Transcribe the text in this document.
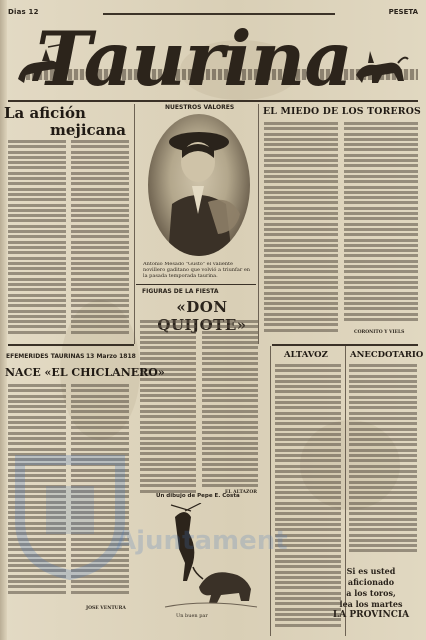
Dias 12	PESETA
Taurina
La afición
mejicana
NUESTROS VALORES
Antonio Mesado "Gusto" el valiente novillero gaditano que volvió a triunfar en la pasada temporada taurina.
EL MIEDO DE LOS TOREROS
CORONITO Y VIELS
FIGURAS DE LA FIESTA
«DON
EL ALTAZOR
EFEMERIDES TAURINAS 13 Marzo 1818
NACE «EL CHICLANERO»
JOSE VENTURA
ALTAVOZ	ANECDOTARIO
Si es usted aficionado
a los toros,
lea los martes
LA PROVINCIA
Un dibujo de Pepe E. Costa
Un buen par
Ajuntament
